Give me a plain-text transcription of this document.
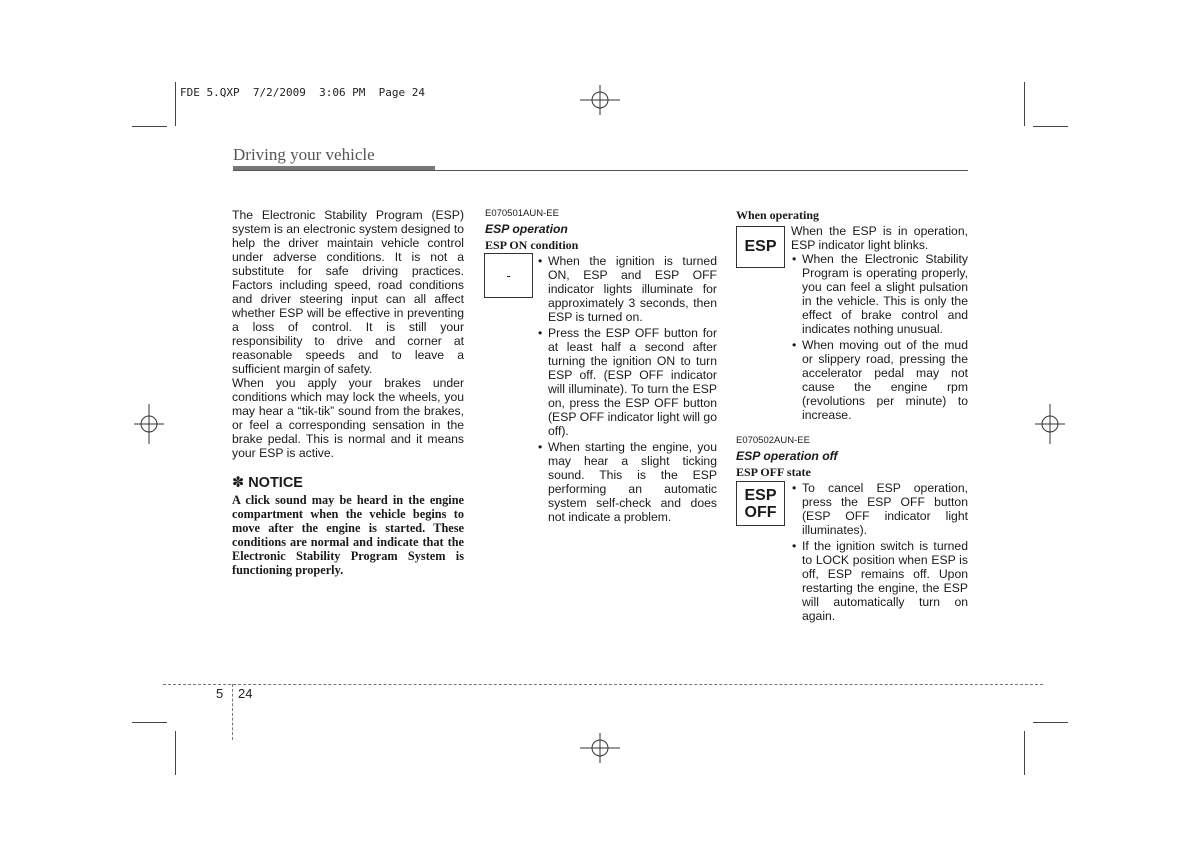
FDE 5.QXP  7/2/2009  3:06 PM  Page 24
Driving your vehicle

The Electronic Stability Program (ESP) system is an electronic system designed to help the driver maintain vehicle control under adverse conditions. It is not a substitute for safe driving practices. Factors including speed, road conditions and driver steering input can all affect whether ESP will be effective in preventing a loss of control. It is still your responsibility to drive and corner at reasonable speeds and to leave a sufficient margin of safety.

When you apply your brakes under conditions which may lock the wheels, you may hear a “tik-tik” sound from the brakes, or feel a corresponding sensation in the brake pedal. This is normal and it means your ESP is active.

✽ NOTICE

A click sound may be heard in the engine compartment when the vehicle begins to move after the engine is started. These conditions are normal and indicate that the Electronic Stability Program System is functioning properly.

E070501AUN-EE

ESP operation

ESP ON condition

-
• When the ignition is turned ON, ESP and ESP OFF indicator lights illuminate for approximately 3 seconds, then ESP is turned on.
• Press the ESP OFF button for at least half a second after turning the ignition ON to turn ESP off. (ESP OFF indicator will illuminate). To turn the ESP on, press the ESP OFF button (ESP OFF indicator light will go off).
• When starting the engine, you may hear a slight ticking sound. This is the ESP performing an automatic system self-check and does not indicate a problem.

When operating

ESP

When the ESP is in operation, ESP indicator light blinks.

• When the Electronic Stability Program is operating properly, you can feel a slight pulsation in the vehicle. This is only the effect of brake control and indicates nothing unusual.
• When moving out of the mud or slippery road, pressing the accelerator pedal may not cause the engine rpm (revolutions per minute) to increase.

E070502AUN-EE

ESP operation off

ESP OFF state

ESP
OFF
• To cancel ESP operation, press the ESP OFF button (ESP OFF indicator light illuminates).
• If the ignition switch is turned to LOCK position when ESP is off, ESP remains off. Upon restarting the engine, the ESP will automatically turn on again.
5 24
